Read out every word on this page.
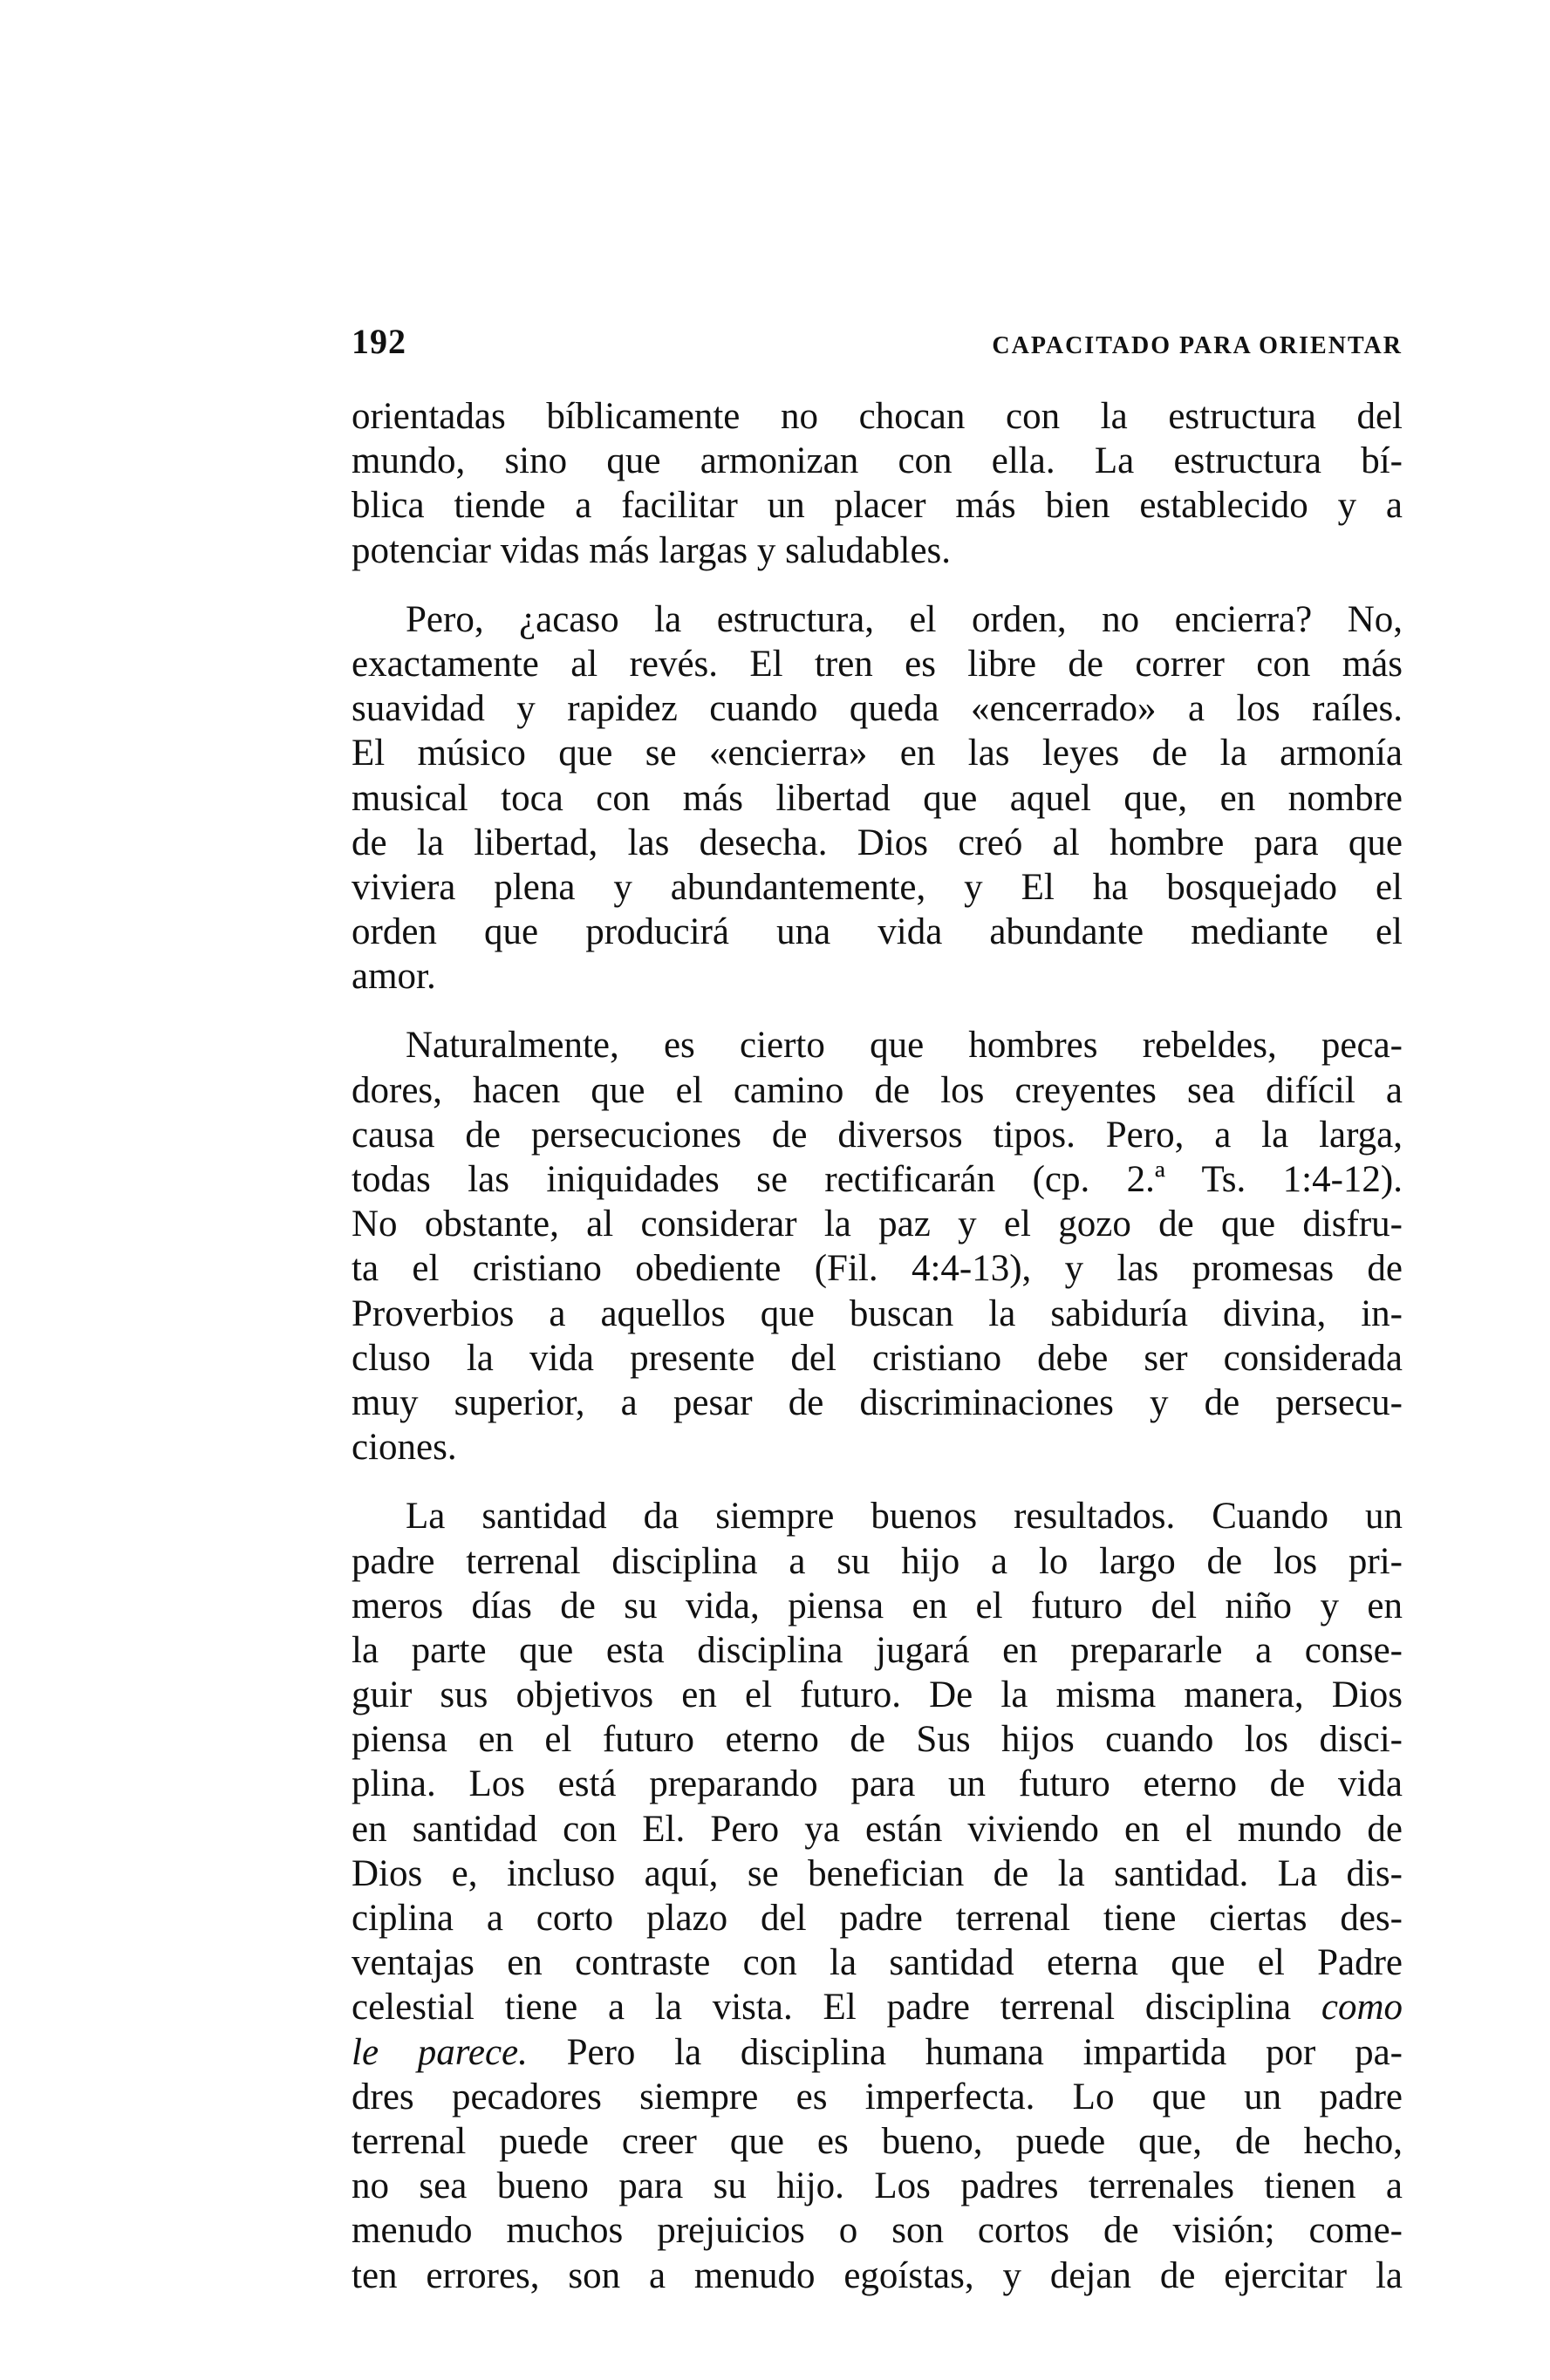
192	CAPACITADO PARA ORIENTAR
orientadas bíblicamente no chocan con la estructura del
mundo, sino que armonizan con ella. La estructura bí-
blica tiende a facilitar un placer más bien establecido y a
potenciar vidas más largas y saludables.
Pero, ¿acaso la estructura, el orden, no encierra? No,
exactamente al revés. El tren es libre de correr con más
suavidad y rapidez cuando queda «encerrado» a los raíles.
El músico que se «encierra» en las leyes de la armonía
musical toca con más libertad que aquel que, en nombre
de la libertad, las desecha. Dios creó al hombre para que
viviera plena y abundantemente, y El ha bosquejado el
orden que producirá una vida abundante mediante el
amor.
Naturalmente, es cierto que hombres rebeldes, peca-
dores, hacen que el camino de los creyentes sea difícil a
causa de persecuciones de diversos tipos. Pero, a la larga,
todas las iniquidades se rectificarán (cp. 2.ª Ts. 1:4-12).
No obstante, al considerar la paz y el gozo de que disfru-
ta el cristiano obediente (Fil. 4:4-13), y las promesas de
Proverbios a aquellos que buscan la sabiduría divina, in-
cluso la vida presente del cristiano debe ser considerada
muy superior, a pesar de discriminaciones y de persecu-
ciones.
La santidad da siempre buenos resultados. Cuando un
padre terrenal disciplina a su hijo a lo largo de los pri-
meros días de su vida, piensa en el futuro del niño y en
la parte que esta disciplina jugará en prepararle a conse-
guir sus objetivos en el futuro. De la misma manera, Dios
piensa en el futuro eterno de Sus hijos cuando los disci-
plina. Los está preparando para un futuro eterno de vida
en santidad con El. Pero ya están viviendo en el mundo de
Dios e, incluso aquí, se benefician de la santidad. La dis-
ciplina a corto plazo del padre terrenal tiene ciertas des-
ventajas en contraste con la santidad eterna que el Padre
celestial tiene a la vista. El padre terrenal disciplina como
le parece. Pero la disciplina humana impartida por pa-
dres pecadores siempre es imperfecta. Lo que un padre
terrenal puede creer que es bueno, puede que, de hecho,
no sea bueno para su hijo. Los padres terrenales tienen a
menudo muchos prejuicios o son cortos de visión; come-
ten errores, son a menudo egoístas, y dejan de ejercitar la
